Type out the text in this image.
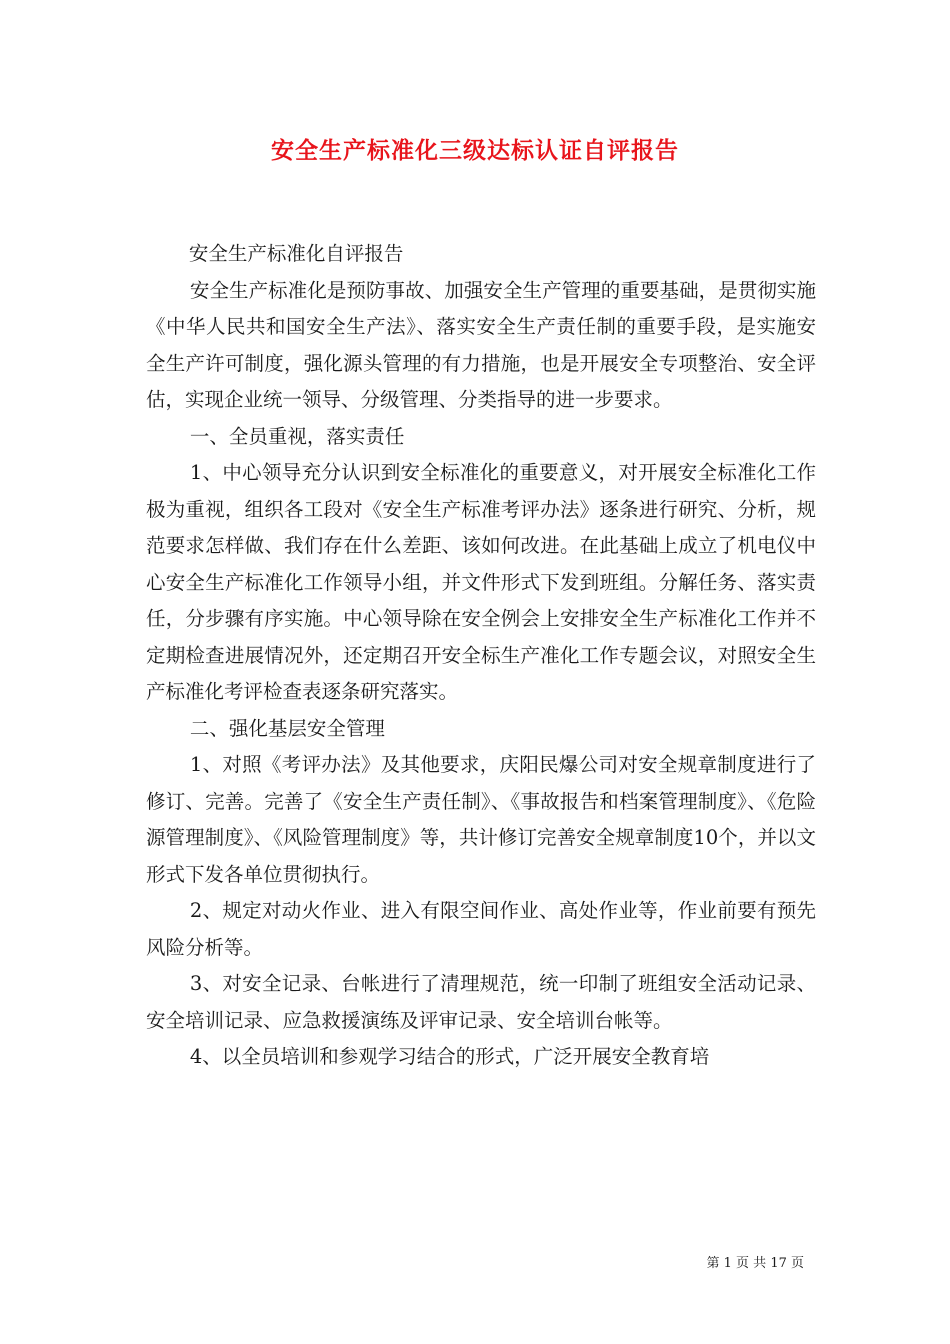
安全生产标准化三级达标认证自评报告

安全生产标准化自评报告

安全生产标准化是预防事故、加强安全生产管理的重要基础，是贯彻实施《中华人民共和国安全生产法》、落实安全生产责任制的重要手段，是实施安全生产许可制度，强化源头管理的有力措施，也是开展安全专项整治、安全评估，实现企业统一领导、分级管理、分类指导的进一步要求。

一、全员重视，落实责任

1、中心领导充分认识到安全标准化的重要意义，对开展安全标准化工作极为重视，组织各工段对《安全生产标准考评办法》逐条进行研究、分析，规范要求怎样做、我们存在什么差距、该如何改进。在此基础上成立了机电仪中心安全生产标准化工作领导小组，并文件形式下发到班组。分解任务、落实责任，分步骤有序实施。中心领导除在安全例会上安排安全生产标准化工作并不定期检查进展情况外，还定期召开安全标生产准化工作专题会议，对照安全生产标准化考评检查表逐条研究落实。

二、强化基层安全管理

1、对照《考评办法》及其他要求，庆阳民爆公司对安全规章制度进行了修订、完善。完善了《安全生产责任制》、《事故报告和档案管理制度》、《危险源管理制度》、《风险管理制度》等，共计修订完善安全规章制度10个，并以文形式下发各单位贯彻执行。

2、规定对动火作业、进入有限空间作业、高处作业等，作业前要有预先风险分析等。

3、对安全记录、台帐进行了清理规范，统一印制了班组安全活动记录、安全培训记录、应急救援演练及评审记录、安全培训台帐等。

4、以全员培训和参观学习结合的形式，广泛开展安全教育培

第 1 页 共 17 页
